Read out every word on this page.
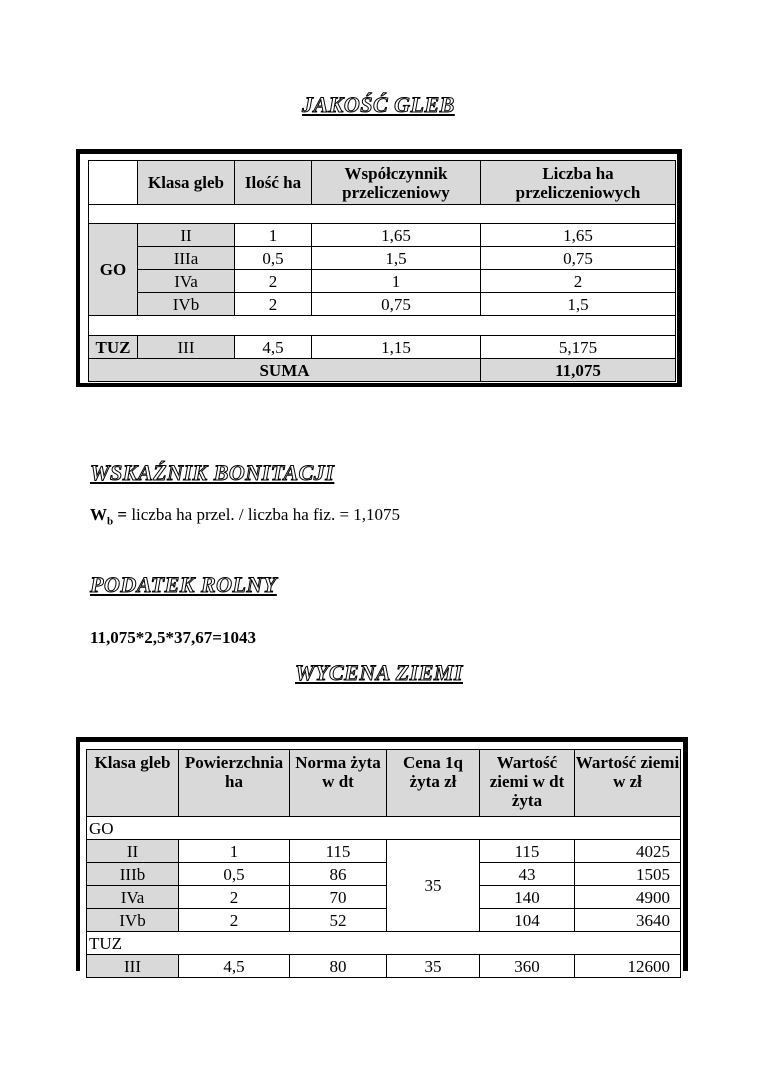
JAKOŚĆ GLEB
	Klasa gleb	Ilość ha	Współczynnik przeliczeniowy	Liczba ha przeliczeniowych

GO	II	1	1,65	1,65
	IIIa	0,5	1,5	0,75
	IVa	2	1	2
	IVb	2	0,75	1,5

TUZ	III	4,5	1,15	5,175
SUMA				11,075
WSKAŹNIK BONITACJI
$W_b$ = liczba ha przel. / liczba ha fiz. = 1,1075
PODATEK ROLNY
11,075*2,5*37,67=1043
WYCENA ZIEMI
Klasa gleb	Powierzchnia ha	Norma żyta w dt	Cena 1q żyta zł	Wartość ziemi w dt żyta	Wartość ziemi w zł
GO					
II	1	115	35	115	4025
IIIb	0,5	86		43	1505
IVa	2	70		140	4900
IVb	2	52		104	3640
TUZ					
III	4,5	80	35	360	12600
